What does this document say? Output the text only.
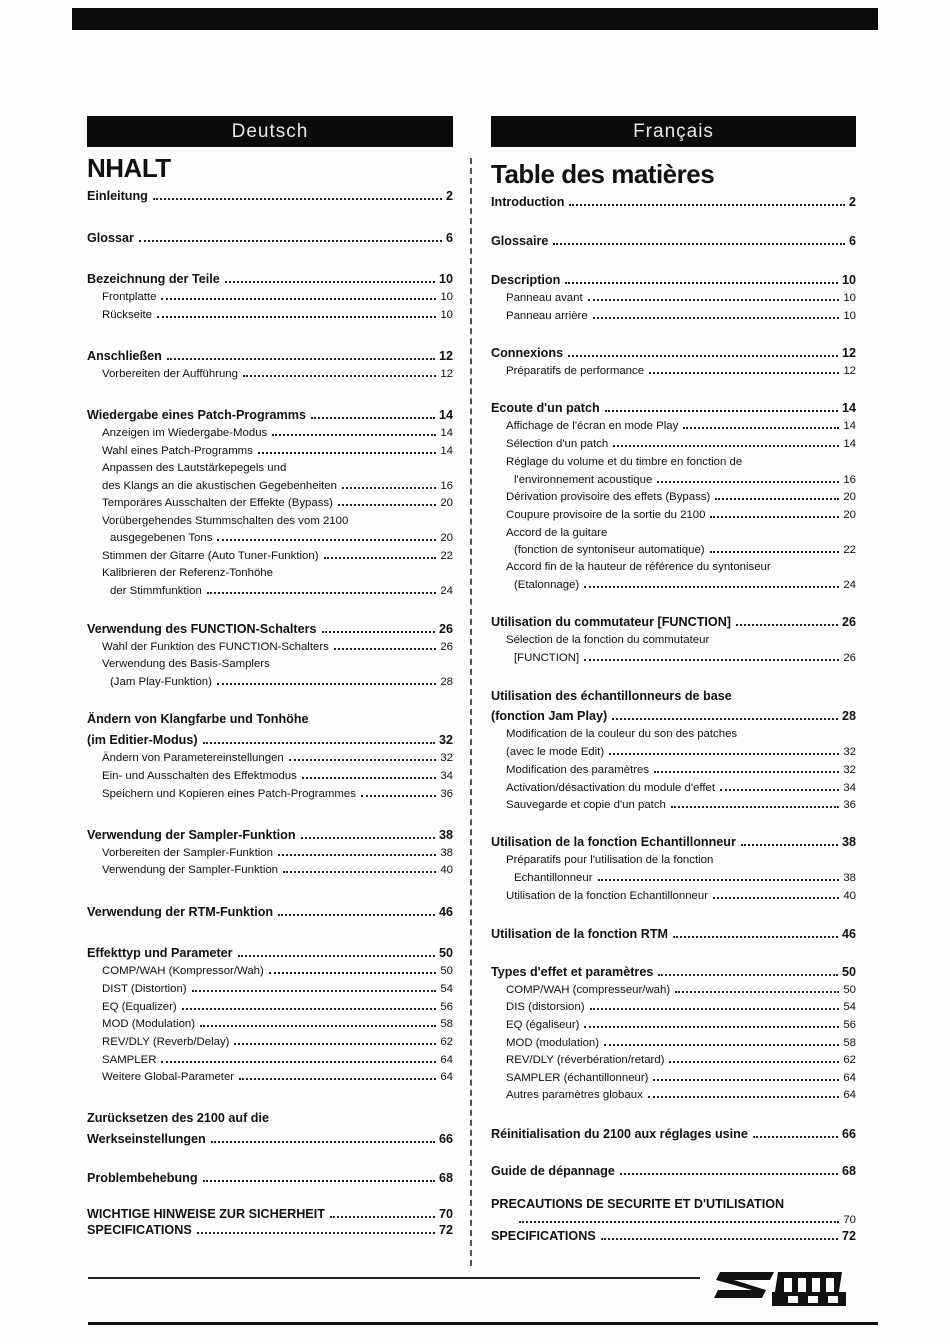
Deutsch
NHALT
Einleitung	2
Glossar	6
Bezeichnung der Teile	10
Frontplatte	10
Rückseite	10
Anschließen	12
Vorbereiten der Aufführung	12
Wiedergabe eines Patch-Programms	14
Anzeigen im Wiedergabe-Modus	14
Wahl eines Patch-Programms	14
Anpassen des Lautstärkepegels und
des Klangs an die akustischen Gegebenheiten	16
Temporäres Ausschalten der Effekte (Bypass)	20
Vorübergehendes Stummschalten des vom 2100
ausgegebenen Tons	20
Stimmen der Gitarre (Auto Tuner-Funktion)	22
Kalibrieren der Referenz-Tonhöhe
der Stimmfunktion	24
Verwendung des FUNCTION-Schalters	26
Wahl der Funktion des FUNCTION-Schalters	26
Verwendung des Basis-Samplers
(Jam Play-Funktion)	28
Ändern von Klangfarbe und Tonhöhe
(im Editier-Modus)	32
Ändern von Parametereinstellungen	32
Ein- und Ausschalten des Effektmodus	34
Speichern und Kopieren eines Patch-Programmes	36
Verwendung der Sampler-Funktion	38
Vorbereiten der Sampler-Funktion	38
Verwendung der Sampler-Funktion	40
Verwendung der RTM-Funktion	46
Effekttyp und Parameter	50
COMP/WAH (Kompressor/Wah)	50
DIST (Distortion)	54
EQ (Equalizer)	56
MOD (Modulation)	58
REV/DLY (Reverb/Delay)	62
SAMPLER	64
Weitere Global-Parameter	64
Zurücksetzen des 2100 auf die
Werkseinstellungen	66
Problembehebung	68
WICHTIGE HINWEISE ZUR SICHERHEIT	70
SPECIFICATIONS	72
Français
Table des matières
Introduction	2
Glossaire	6
Description	10
Panneau avant	10
Panneau arrière	10
Connexions	12
Préparatifs de performance	12
Ecoute d'un patch	14
Affichage de l'écran en mode Play	14
Sélection d'un patch	14
Réglage du volume et du timbre en fonction de
l'environnement acoustique	16
Dérivation provisoire des effets (Bypass)	20
Coupure provisoire de la sortie du 2100	20
Accord de la guitare
(fonction de syntoniseur automatique)	22
Accord fin de la hauteur de référence du syntoniseur
(Etalonnage)	24
Utilisation du commutateur [FUNCTION]	26
Sélection de la fonction du commutateur
[FUNCTION]	26
Utilisation des échantillonneurs de base
(fonction Jam Play)	28
Modification de la couleur du son des patches
(avec le mode Edit)	32
Modification des paramètres	32
Activation/désactivation du module d'effet	34
Sauvegarde et copie d'un patch	36
Utilisation de la fonction Echantillonneur	38
Préparatifs pour l'utilisation de la fonction
Echantillonneur	38
Utilisation de la fonction Echantillonneur	40
Utilisation de la fonction RTM	46
Types d'effet et paramètres	50
COMP/WAH (compresseur/wah)	50
DIS (distorsion)	54
EQ (égaliseur)	56
MOD (modulation)	58
REV/DLY (réverbération/retard)	62
SAMPLER (échantillonneur)	64
Autres paramètres globaux	64
Réinitialisation du 2100 aux réglages usine	66
Guide de dépannage	68
PRECAUTIONS DE SECURITE ET D'UTILISATION
70
SPECIFICATIONS	72
ZOOM PLAYER 2100
